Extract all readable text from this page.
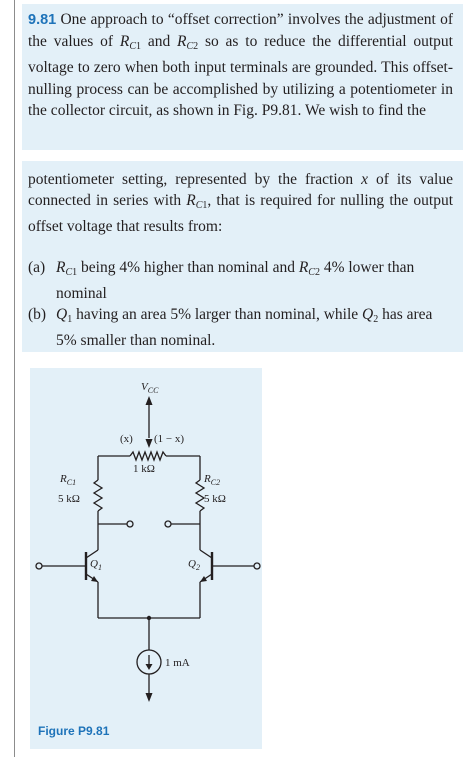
9.81 One approach to “offset correction” involves the adjustment of the values of $R_{C1}$ and $R_{C2}$ so as to reduce the differential output voltage to zero when both input terminals are grounded. This offset-nulling process can be accomplished by utilizing a potentiometer in the collector circuit, as shown in Fig. P9.81. We wish to find the

potentiometer setting, represented by the fraction x of its value connected in series with $R_{C1}$, that is required for nulling the output offset voltage that results from:

(a) $R_{C1}$ being 4% higher than nominal and $R_{C2}$ 4% lower than nominal
(b) $Q_1$ having an area 5% larger than nominal, while $Q_2$ has area 5% smaller than nominal.
$V_{CC}$
(x) (1 − x)
1 kΩ
$R_{C1}$
5 kΩ
$R_{C2}$
5 kΩ
$Q_1$	$Q_2$
1 mA
Figure P9.81
